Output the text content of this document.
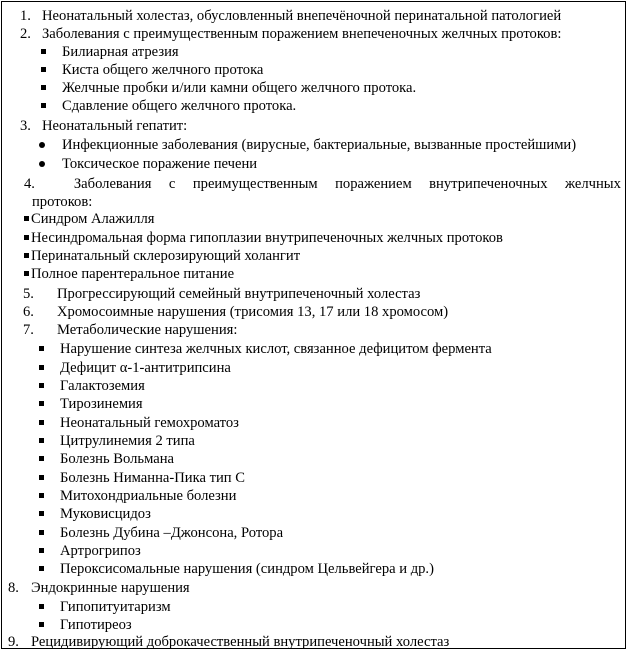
1. Неонатальный холестаз, обусловленный внепечёночной перинатальной патологией
2. Заболевания с преимущественным поражением внепеченочных желчных протоков:
Билиарная атрезия
Киста общего желчного протока
Желчные пробки и/или камни общего желчного протока.
Сдавление общего желчного протока.
3. Неонатальный гепатит:
Инфекционные заболевания (вирусные, бактериальные, вызванные простейшими)
Токсическое поражение печени
4.	Заболевания с преимущественным поражением внутрипеченочных желчных
протоков:
Синдром Алажилля
Несиндромальная форма гипоплазии внутрипеченочных желчных протоков
Перинатальный склерозирующий холангит
Полное парентеральное питание
5. Прогрессирующий семейный внутрипеченочный холестаз
6. Хромосоимные нарушения (трисомия 13, 17 или 18 хромосом)
7. Метаболические нарушения:
Нарушение синтеза желчных кислот, связанное дефицитом фермента
Дефицит α-1-антитрипсина
Галактоземия
Тирозинемия
Неонатальный гемохроматоз
Цитрулинемия 2 типа
Болезнь Вольмана
Болезнь Ниманна-Пика тип С
Митохондриальные болезни
Муковисцидоз
Болезнь Дубина –Джонсона, Ротора
Артрогрипоз
Пероксисомальные нарушения (синдром Цельвейгера и др.)
8. Эндокринные нарушения
Гипопитуитаризм
Гипотиреоз
9. Рецидивирующий доброкачественный внутрипеченочный холестаз
